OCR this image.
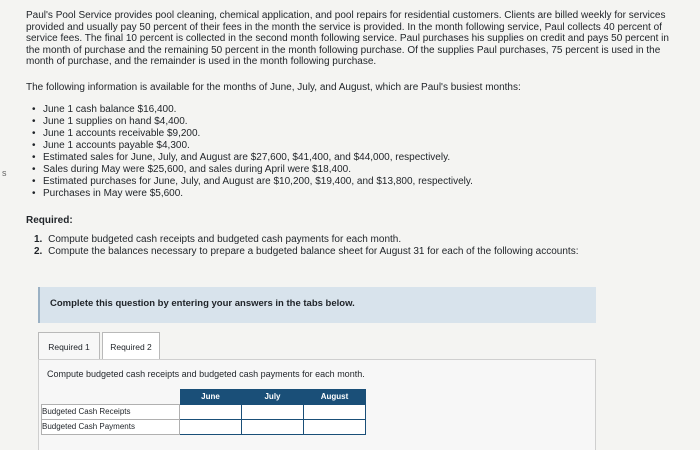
s

Paul's Pool Service provides pool cleaning, chemical application, and pool repairs for residential customers. Clients are billed weekly for services provided and usually pay 50 percent of their fees in the month the service is provided. In the month following service, Paul collects 40 percent of service fees. The final 10 percent is collected in the second month following service. Paul purchases his supplies on credit and pays 50 percent in the month of purchase and the remaining 50 percent in the month following purchase. Of the supplies Paul purchases, 75 percent is used in the month of purchase, and the remainder is used in the month following purchase.

The following information is available for the months of June, July, and August, which are Paul's busiest months:

• June 1 cash balance $16,400.
• June 1 supplies on hand $4,400.
• June 1 accounts receivable $9,200.
• June 1 accounts payable $4,300.
• Estimated sales for June, July, and August are $27,600, $41,400, and $44,000, respectively.
• Sales during May were $25,600, and sales during April were $18,400.
• Estimated purchases for June, July, and August are $10,200, $19,400, and $13,800, respectively.
• Purchases in May were $5,600.
Required:
1. Compute budgeted cash receipts and budgeted cash payments for each month.
2. Compute the balances necessary to prepare a budgeted balance sheet for August 31 for each of the following accounts:
Complete this question by entering your answers in the tabs below.
Required 1	Required 2
Compute budgeted cash receipts and budgeted cash payments for each month.
	June	July	August
Budgeted Cash Receipts			
Budgeted Cash Payments			
